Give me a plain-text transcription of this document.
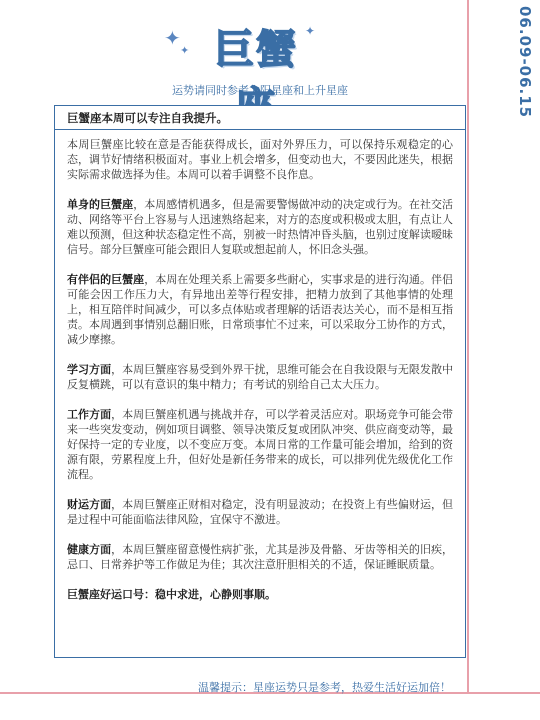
06.09-06.15
✦
✦
✦
巨蟹
运势请同时参考太阳星座和上升星座
巨蟹座本周可以专注自我提升。

本周巨蟹座比较在意是否能获得成长，面对外界压力，可以保持乐观稳定的心态，调节好情绪积极面对。事业上机会增多，但变动也大，不要因此迷失，根据实际需求做选择为佳。本周可以着手调整不良作息。

单身的巨蟹座，本周感情机遇多，但是需要警惕做冲动的决定或行为。在社交活动、网络等平台上容易与人迅速熟络起来，对方的态度或积极或太胆，有点让人难以预测，但这种状态稳定性不高，别被一时热情冲昏头脑，也别过度解读暧昧信号。部分巨蟹座可能会跟旧人复联或想起前人，怀旧念头强。

有伴侣的巨蟹座，本周在处理关系上需要多些耐心，实事求是的进行沟通。伴侣可能会因工作压力大，有异地出差等行程安排，把精力放到了其他事情的处理上，相互陪伴时间减少，可以多点体贴或者理解的话语表达关心，而不是相互指责。本周遇到事情别总翻旧账，日常琐事忙不过来，可以采取分工协作的方式，减少摩擦。

学习方面，本周巨蟹座容易受到外界干扰，思维可能会在自我设限与无限发散中反复横跳，可以有意识的集中精力；有考试的别给自己太大压力。

工作方面，本周巨蟹座机遇与挑战并存，可以学着灵活应对。职场竞争可能会带来一些突发变动，例如项目调整、领导决策反复或团队冲突、供应商变动等，最好保持一定的专业度，以不变应万变。本周日常的工作量可能会增加，给到的资源有限，劳累程度上升，但好处是新任务带来的成长，可以排列优先级优化工作流程。

财运方面，本周巨蟹座正财相对稳定，没有明显波动；在投资上有些偏财运，但是过程中可能面临法律风险，宜保守不激进。

健康方面，本周巨蟹座留意慢性病扩张，尤其是涉及骨骼、牙齿等相关的旧疾，忌口、日常养护等工作做足为佳；其次注意肝胆相关的不适，保证睡眠质量。

巨蟹座好运口号：稳中求进，心静则事顺。

温馨提示：星座运势只是参考，热爱生活好运加倍！
